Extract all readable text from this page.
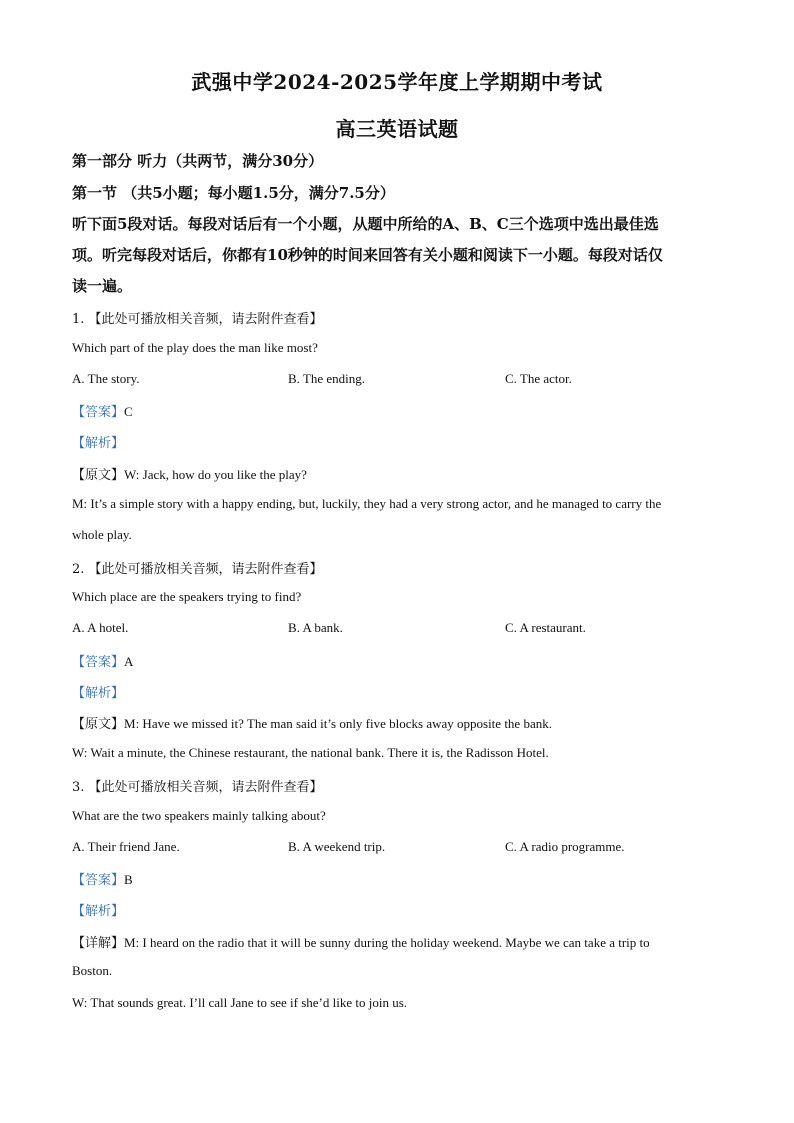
武强中学2024-2025学年度上学期期中考试
高三英语试题
第一部分 听力（共两节，满分30分）
第一节 （共5小题；每小题1.5分，满分7.5分）
听下面5段对话。每段对话后有一个小题，从题中所给的A、B、C三个选项中选出最佳选
项。听完每段对话后，你都有10秒钟的时间来回答有关小题和阅读下一小题。每段对话仅
读一遍。
1. 【此处可播放相关音频，请去附件查看】
Which part of the play does the man like most?
A. The story.	B. The ending.	C. The actor.
【答案】C
【解析】
【原文】W: Jack, how do you like the play?
M: It’s a simple story with a happy ending, but, luckily, they had a very strong actor, and he managed to carry the
whole play.
2. 【此处可播放相关音频，请去附件查看】
Which place are the speakers trying to find?
A. A hotel.	B. A bank.	C. A restaurant.
【答案】A
【解析】
【原文】M: Have we missed it? The man said it’s only five blocks away opposite the bank.
W: Wait a minute, the Chinese restaurant, the national bank. There it is, the Radisson Hotel.
3. 【此处可播放相关音频，请去附件查看】
What are the two speakers mainly talking about?
A. Their friend Jane.	B. A weekend trip.	C. A radio programme.
【答案】B
【解析】
【详解】M: I heard on the radio that it will be sunny during the holiday weekend. Maybe we can take a trip to
Boston.
W: That sounds great. I’ll call Jane to see if she’d like to join us.
